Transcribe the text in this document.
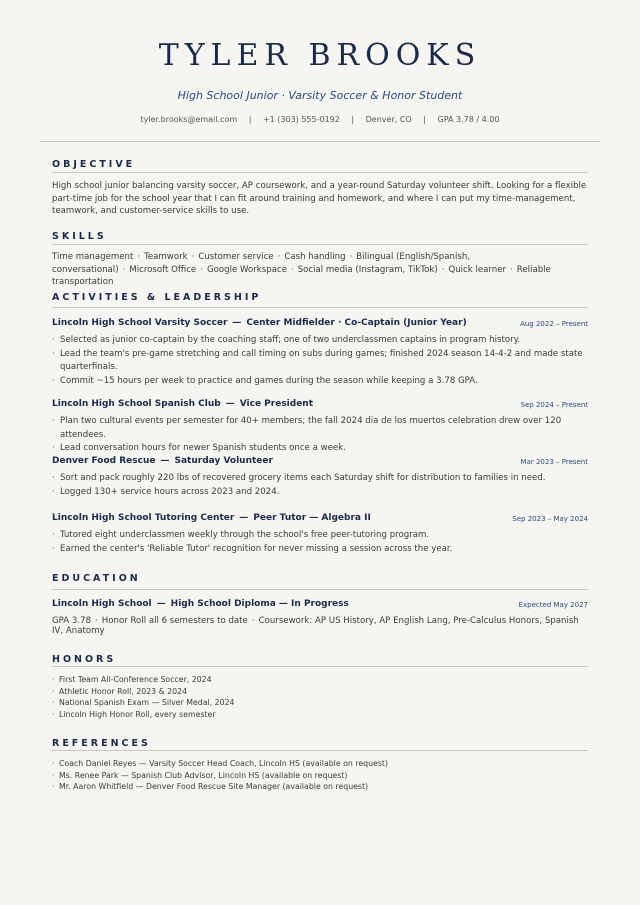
TYLER BROOKS
High School Junior · Varsity Soccer & Honor Student
tyler.brooks@email.com | +1 (303) 555-0192 | Denver, CO | GPA 3.78 / 4.00
OBJECTIVE
High school junior balancing varsity soccer, AP coursework, and a year-round Saturday volunteer shift. Looking for a flexible part-time job for the school year that I can fit around training and homework, and where I can put my time-management, teamwork, and customer-service skills to use.
SKILLS
Time management · Teamwork · Customer service · Cash handling · Bilingual (English/Spanish, conversational) · Microsoft Office · Google Workspace · Social media (Instagram, TikTok) · Quick learner · Reliable transportation
ACTIVITIES & LEADERSHIP
Lincoln High School Varsity Soccer — Center Midfielder · Co-Captain (Junior Year)	Aug 2022 – Present
· Selected as junior co-captain by the coaching staff; one of two underclassmen captains in program history.
· Lead the team's pre-game stretching and call timing on subs during games; finished 2024 season 14-4-2 and made state quarterfinals.
· Commit ~15 hours per week to practice and games during the season while keeping a 3.78 GPA.
Lincoln High School Spanish Club — Vice President	Sep 2024 – Present
· Plan two cultural events per semester for 40+ members; the fall 2024 dia de los muertos celebration drew over 120 attendees.
· Lead conversation hours for newer Spanish students once a week.
Denver Food Rescue — Saturday Volunteer	Mar 2023 – Present
· Sort and pack roughly 220 lbs of recovered grocery items each Saturday shift for distribution to families in need.
· Logged 130+ service hours across 2023 and 2024.
Lincoln High School Tutoring Center — Peer Tutor — Algebra II	Sep 2023 – May 2024
· Tutored eight underclassmen weekly through the school's free peer-tutoring program.
· Earned the center's 'Reliable Tutor' recognition for never missing a session across the year.
EDUCATION
Lincoln High School — High School Diploma — In Progress	Expected May 2027
GPA 3.78 · Honor Roll all 6 semesters to date · Coursework: AP US History, AP English Lang, Pre-Calculus Honors, Spanish IV, Anatomy
HONORS
· First Team All-Conference Soccer, 2024
· Athletic Honor Roll, 2023 & 2024
· National Spanish Exam — Silver Medal, 2024
· Lincoln High Honor Roll, every semester
REFERENCES
· Coach Daniel Reyes — Varsity Soccer Head Coach, Lincoln HS (available on request)
· Ms. Renee Park — Spanish Club Advisor, Lincoln HS (available on request)
· Mr. Aaron Whitfield — Denver Food Rescue Site Manager (available on request)
